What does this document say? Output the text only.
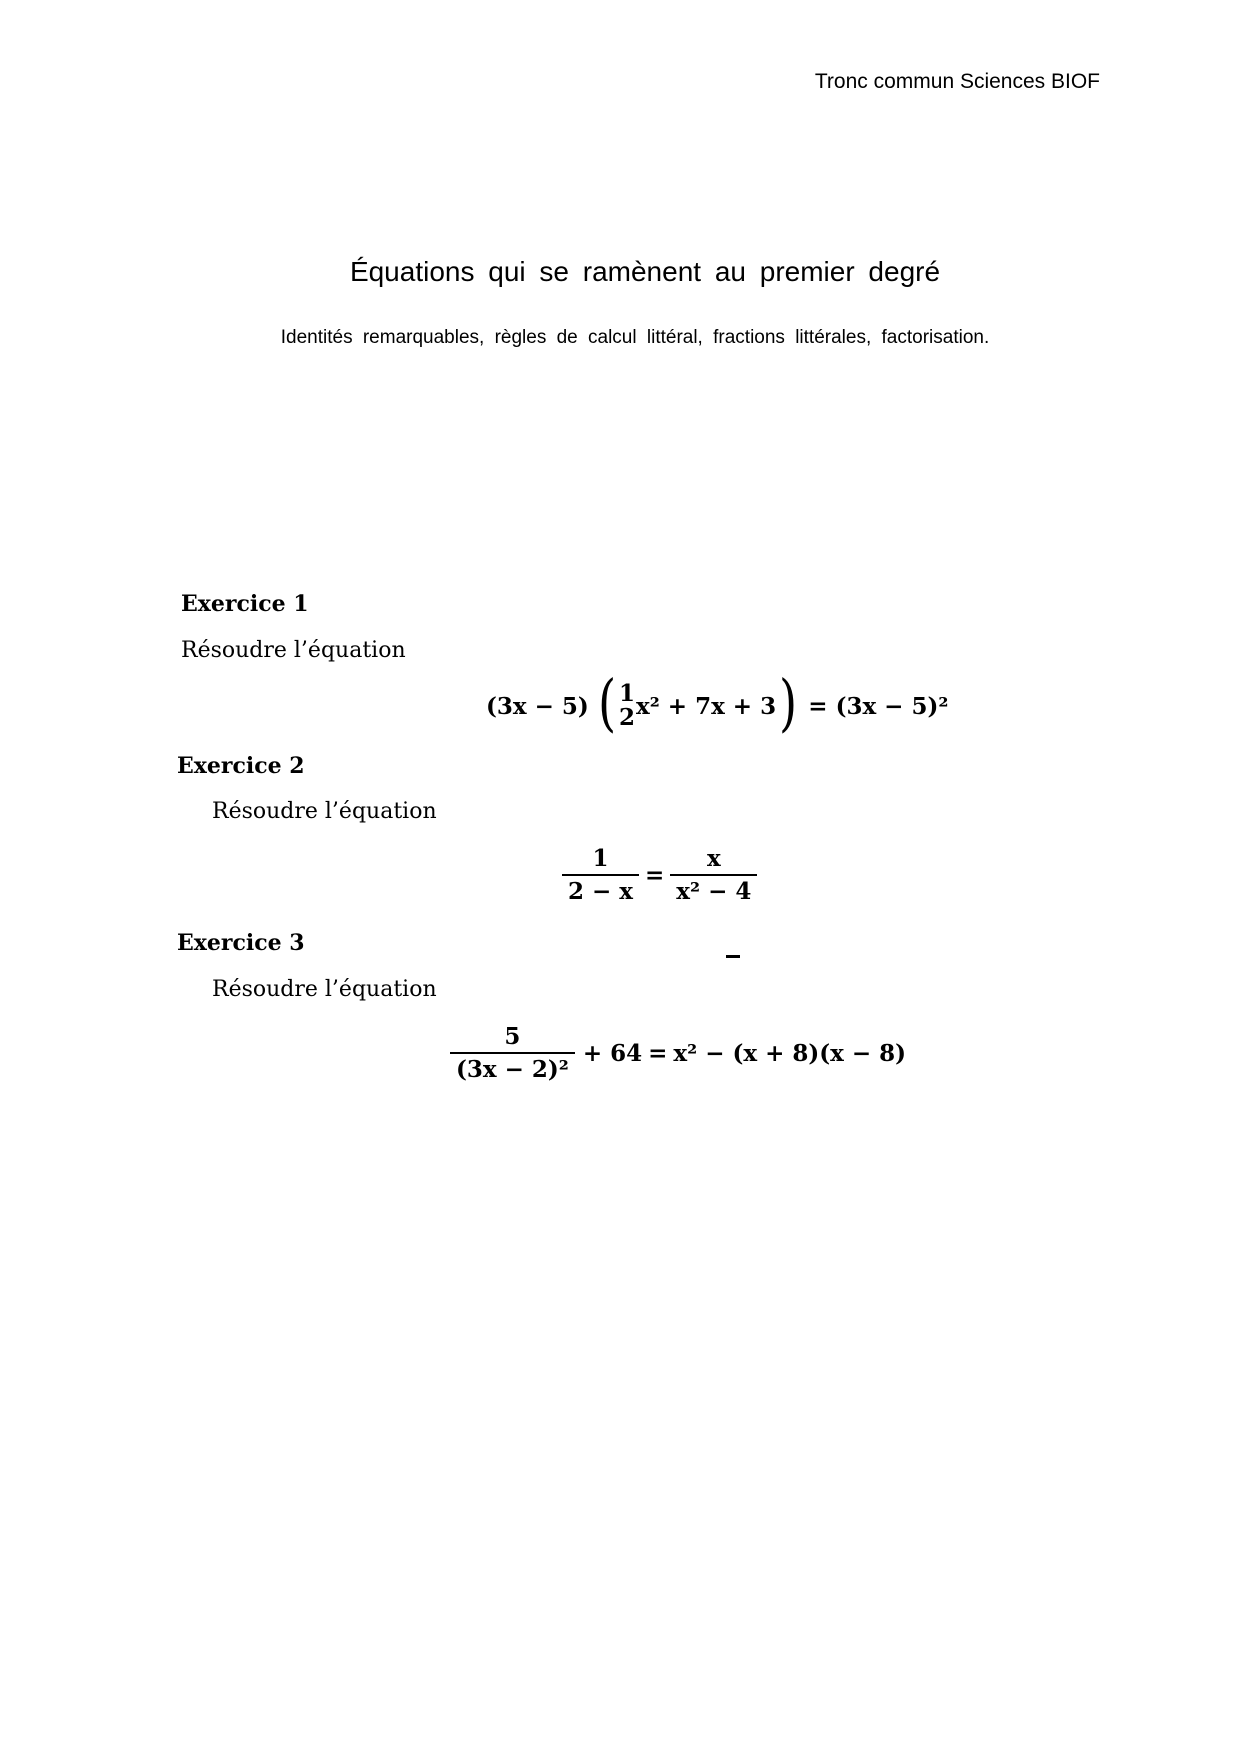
Tronc commun Sciences BIOF
Équations qui se ramènent au premier degré
Identités remarquables, règles de calcul littéral, fractions littérales, factorisation.
Exercice 1
Résoudre l’équation
(3x − 5) ( 1
2 x² + 7x + 3 ) = (3x − 5)²
Exercice 2
Résoudre l’équation
$\frac{1}{2 - x} = \frac{x}{\text{x² − 4}}$
Exercice 3
Résoudre l’équation
$\frac{5}{\text{(3x − 2)²}} + 64 = x^2 - (x + 8)(x - 8)$
